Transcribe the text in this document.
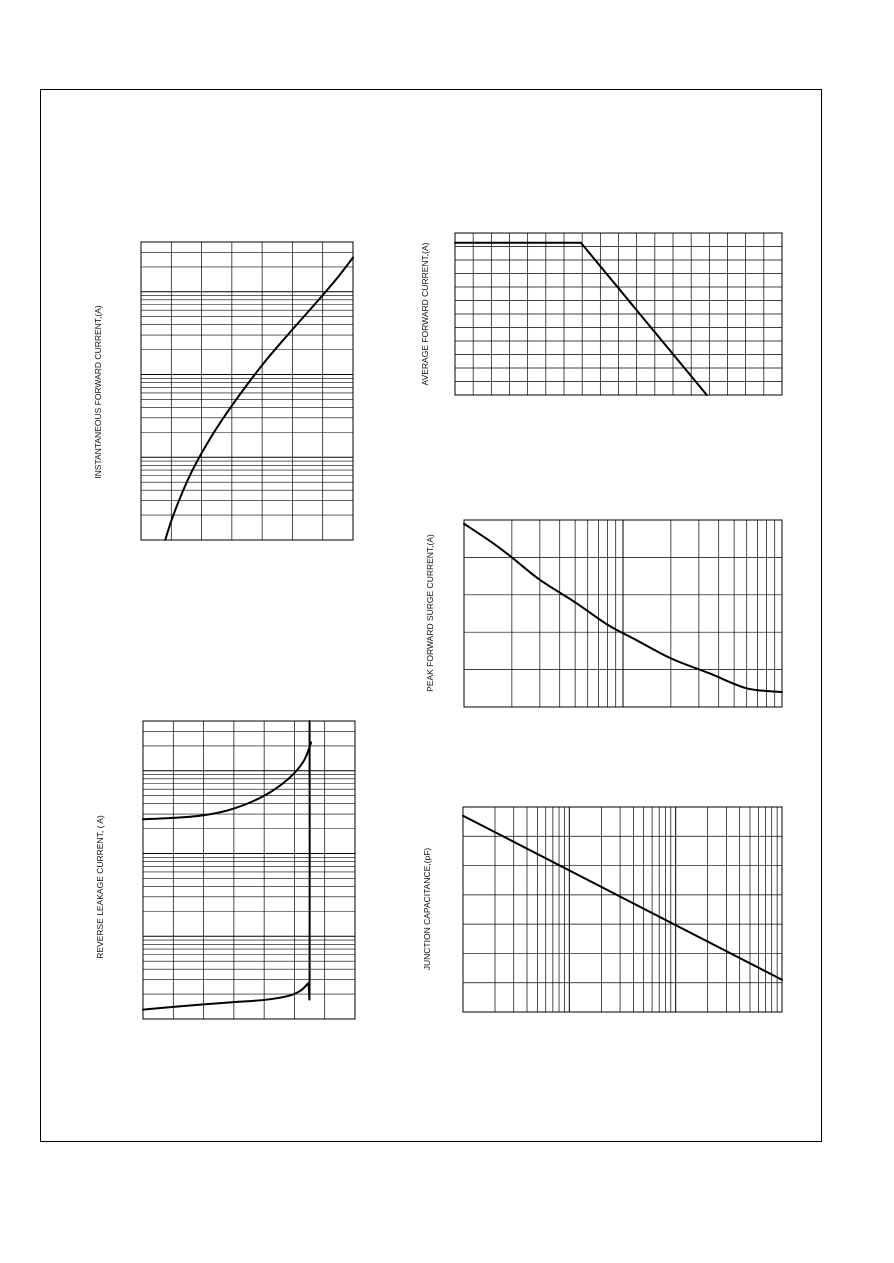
INSTANTANEOUS FORWARD CURRENT,(A)	AVERAGE FORWARD CURRENT,(A)
PEAK FORWARD SURGE CURRENT,(A)
REVERSE LEAKAGE CURRENT, ( A)	JUNCTION CAPACITANCE,(pF)
